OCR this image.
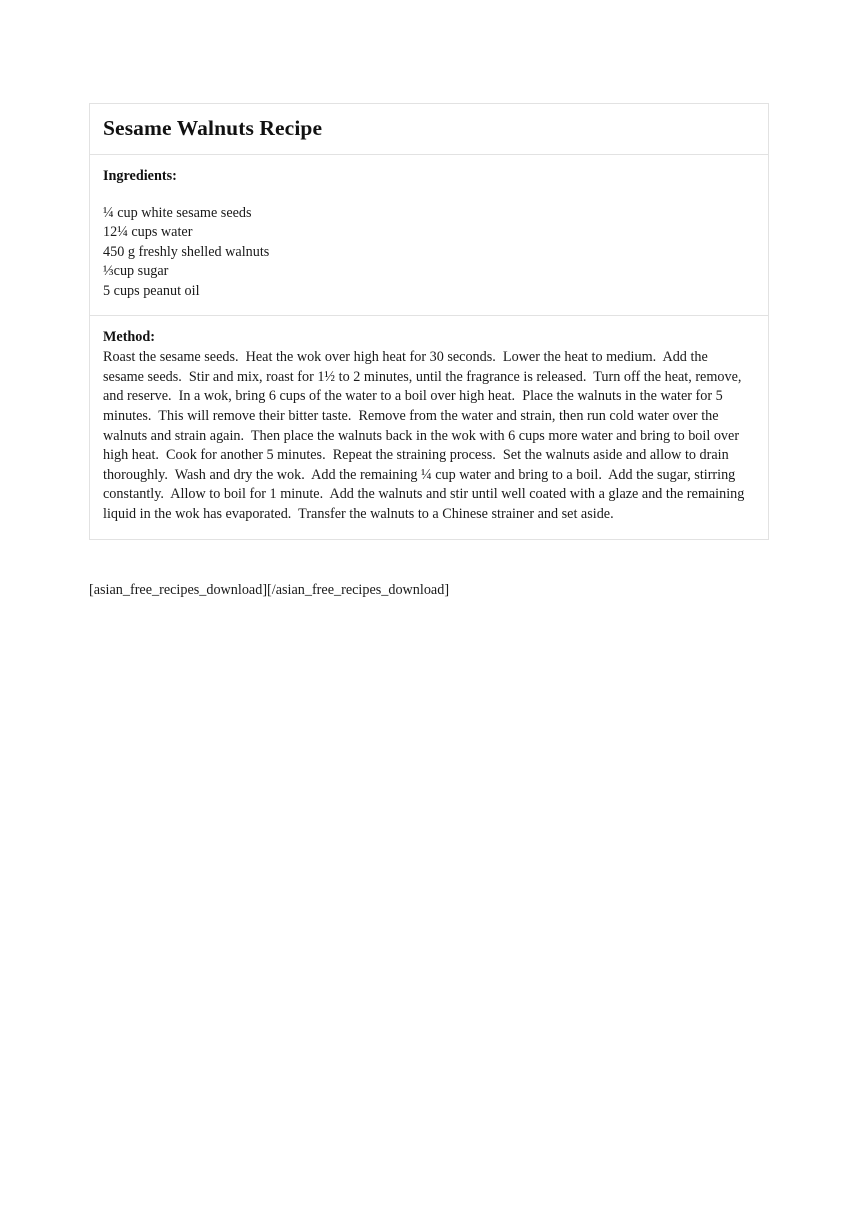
Sesame Walnuts Recipe
Ingredients:
¼ cup white sesame seeds
12¼ cups water
450 g freshly shelled walnuts
⅓cup sugar
5 cups peanut oil
Method:

Roast the sesame seeds.  Heat the wok over high heat for 30 seconds.  Lower the heat to medium.  Add the sesame seeds.  Stir and mix, roast for 1½ to 2 minutes, until the fragrance is released.  Turn off the heat, remove, and reserve.  In a wok, bring 6 cups of the water to a boil over high heat.  Place the walnuts in the water for 5 minutes.  This will remove their bitter taste.  Remove from the water and strain, then run cold water over the walnuts and strain again.  Then place the walnuts back in the wok with 6 cups more water and bring to boil over high heat.  Cook for another 5 minutes.  Repeat the straining process.  Set the walnuts aside and allow to drain thoroughly.  Wash and dry the wok.  Add the remaining ¼ cup water and bring to a boil.  Add the sugar, stirring constantly.  Allow to boil for 1 minute.  Add the walnuts and stir until well coated with a glaze and the remaining liquid in the wok has evaporated.  Transfer the walnuts to a Chinese strainer and set aside.

[asian_free_recipes_download][/asian_free_recipes_download]
